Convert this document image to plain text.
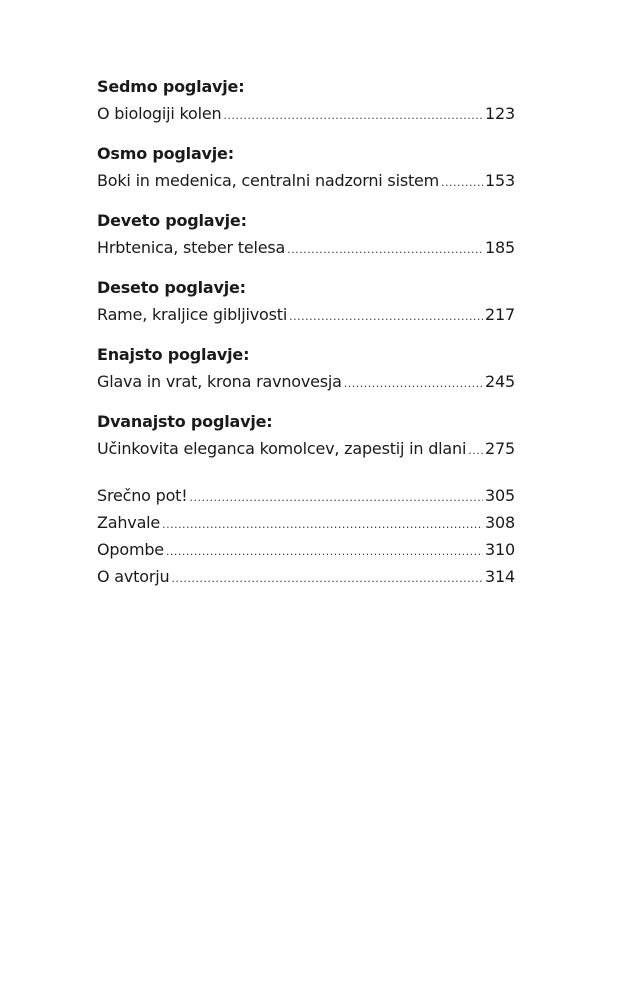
Sedmo poglavje:
O biologiji kolen .....	123
Osmo poglavje:
Boki in medenica, centralni nadzorni sistem .....	153
Deveto poglavje:
Hrbtenica, steber telesa .....	185
Deseto poglavje:
Rame, kraljice gibljivosti .....	217
Enajsto poglavje:
Glava in vrat, krona ravnovesja .....	245
Dvanajsto poglavje:
Učinkovita eleganca komolcev, zapestij in dlani ..... 275
Srečno pot! .....	305
Zahvale .....	308
Opombe .....	310
O avtorju .....	314
